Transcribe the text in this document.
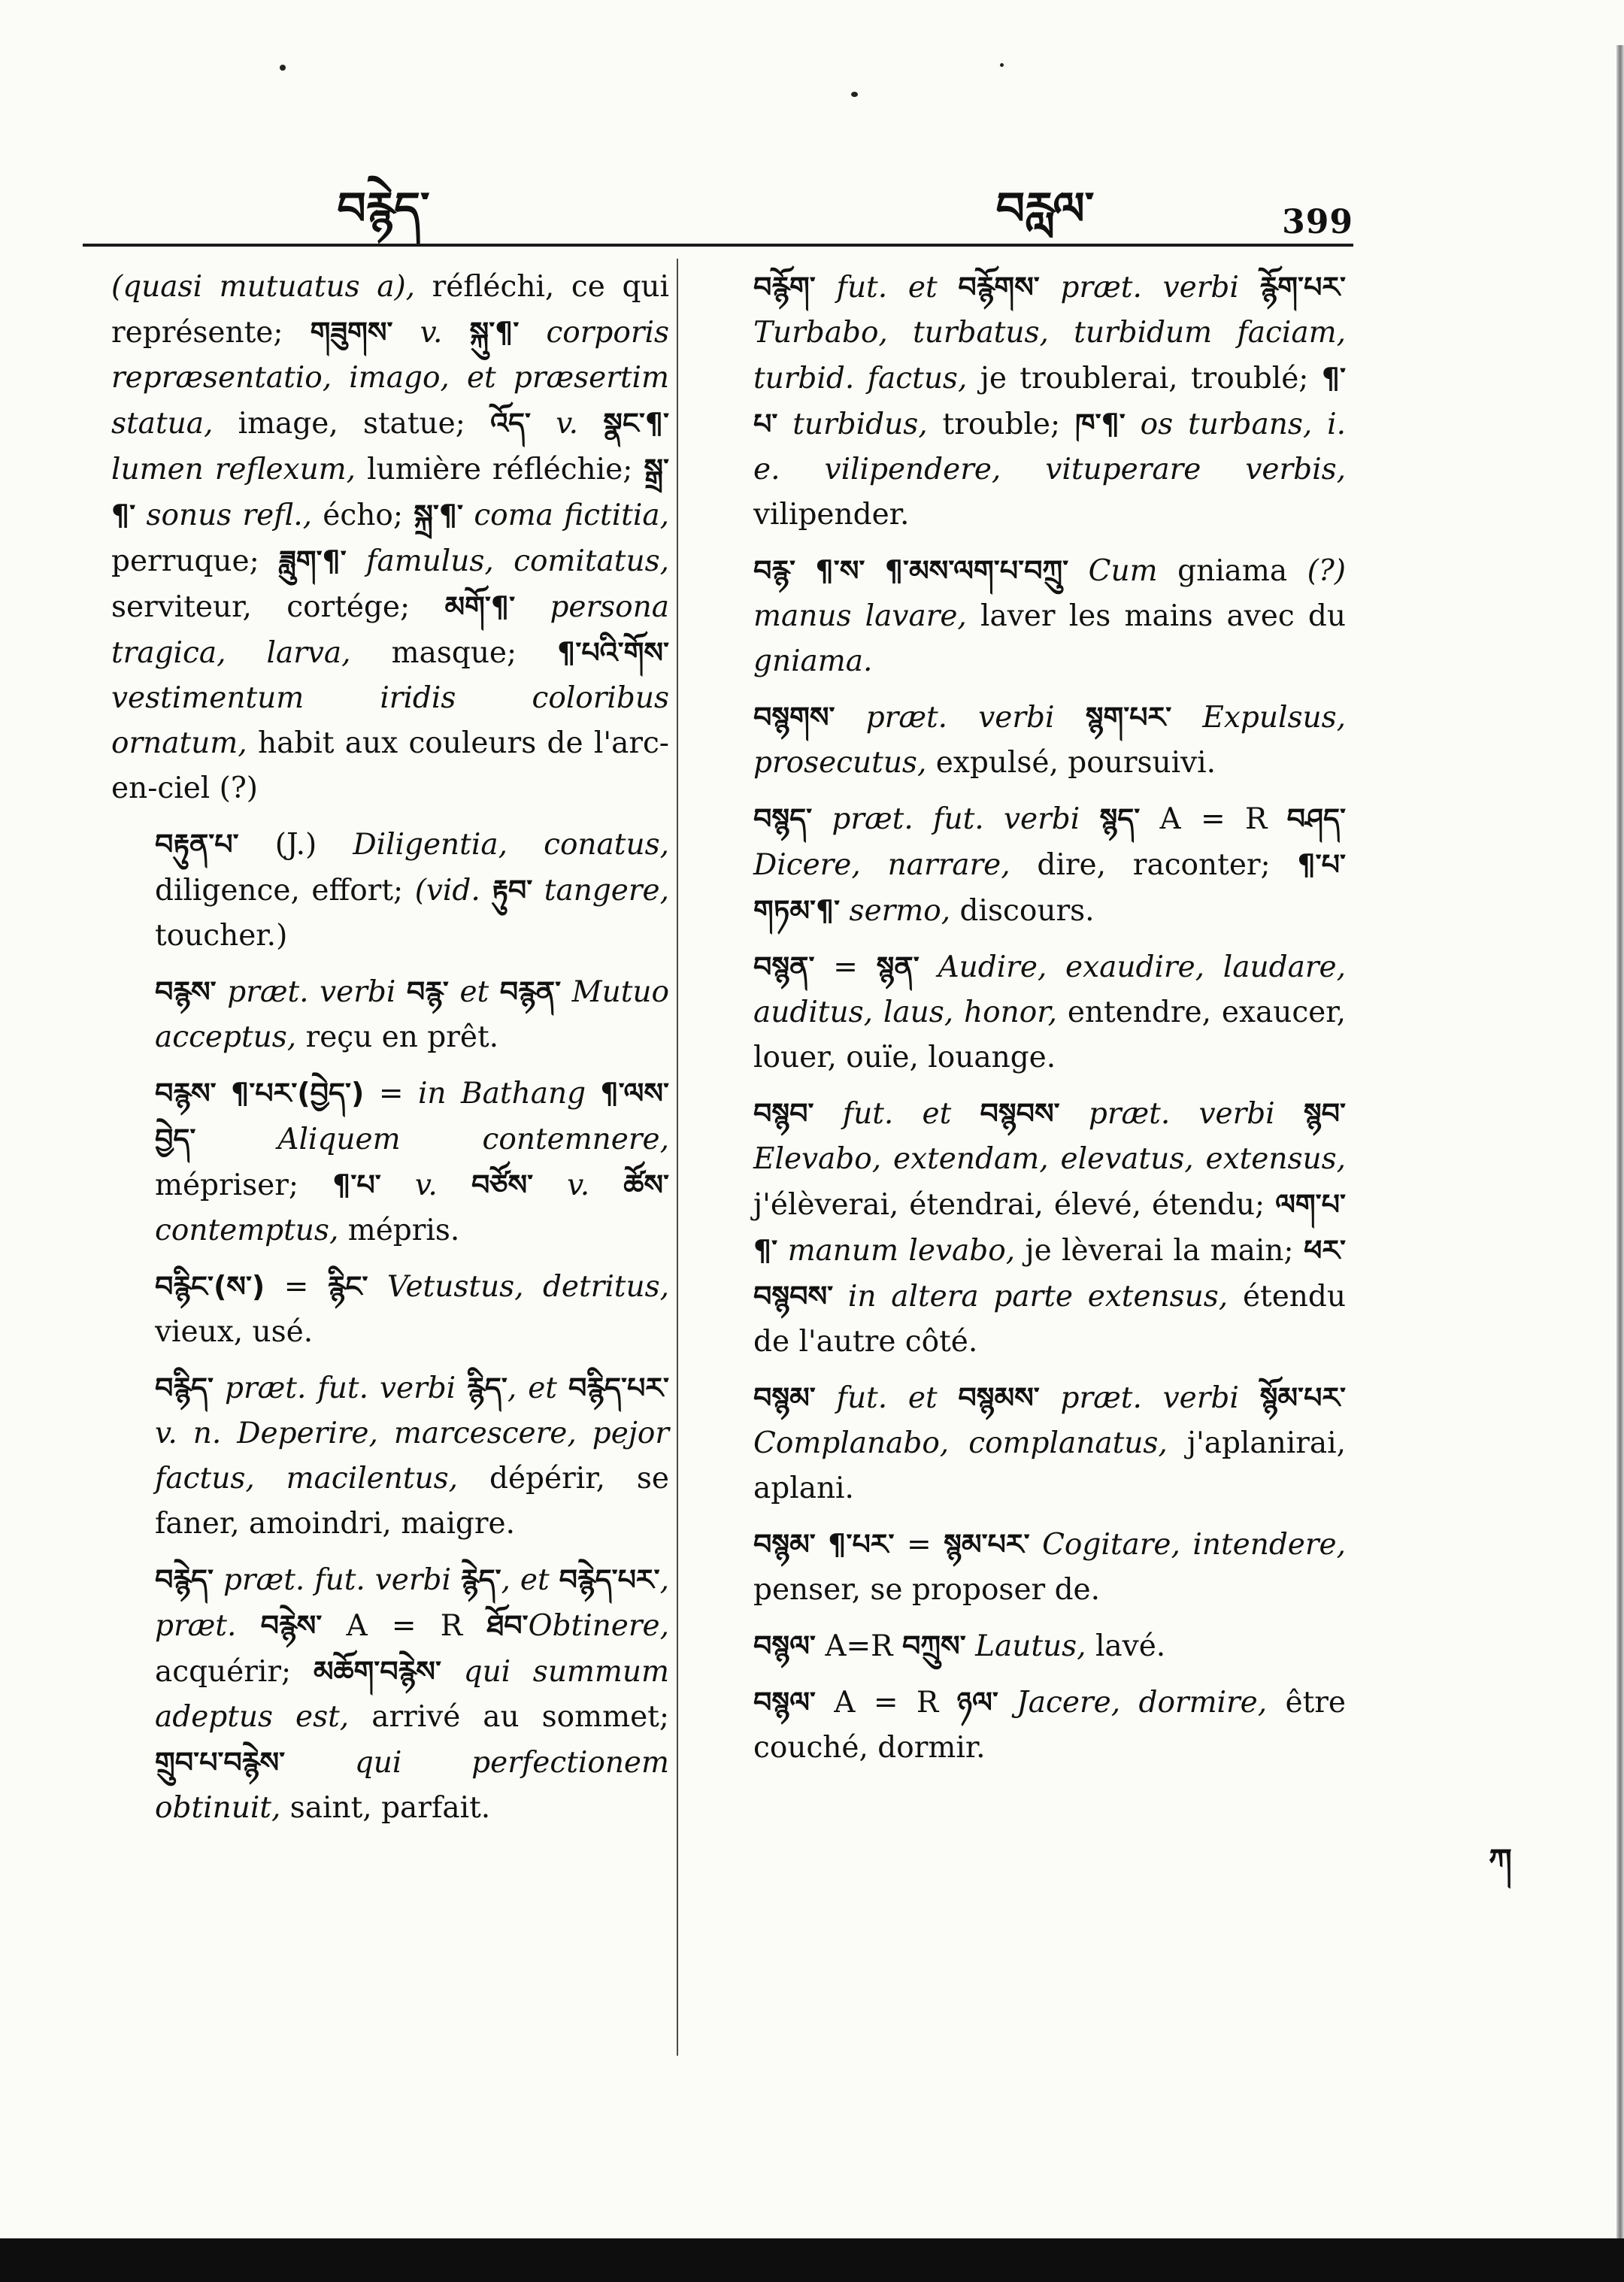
བརྙེད་	བརླལ་	399

(quasi mutuatus a), réfléchi, ce qui représente; གཟུགས་ v. སྐུ་¶་ corporis repræsentatio, imago, et præsertim statua, image, statue; འོད་ v. སྣང་¶་ lumen reflexum, lumière réfléchie; སྒྲ་¶་ sonus refl., écho; སྐྲ་¶་ coma fictitia, perruque; ཟླུག་¶་ famulus, comitatus, serviteur, cortége; མགོ་¶་ persona tragica, larva, masque; ¶་པའི་གོས་ vestimentum iridis coloribus ornatum, habit aux couleurs de l'arc-en-ciel (?)

བརྟུན་པ་ (J.) Diligentia, conatus, diligence, effort; (vid. རྟུབ་ tangere, toucher.)

བརྙས་ præt. verbi བརྙ་ et བརྙན་ Mutuo acceptus, reçu en prêt.

བརྙས་ ¶་པར་(བྱེད་) = in Bathang ¶་ལས་བྱེད་ Aliquem contemnere, mépriser; ¶་པ་ v. བཙོས་ v. ཚོས་ contemptus, mépris.

བརྙིང་(ས་) = རྙིང་ Vetustus, detritus, vieux, usé.

བརྙིད་ præt. fut. verbi རྙིད་, et བརྙིད་པར་ v. n. Deperire, marcescere, pejor factus, macilentus, dépérir, se faner, amoindri, maigre.

བརྙེད་ præt. fut. verbi རྙེད་, et བརྙེད་པར་, præt. བརྙེས་ A = R ཐོབ་Obtinere, acquérir; མཆོག་བརྙེས་ qui summum adeptus est, arrivé au sommet; གྲུབ་པ་བརྙེས་ qui perfectionem obtinuit, saint, parfait.

བརྙོག་ fut. et བརྙོགས་ præt. verbi རྙོག་པར་ Turbabo, turbatus, turbidum faciam, turbid. factus, je troublerai, troublé; ¶་པ་ turbidus, trouble; ཁ་¶་ os turbans, i. e. vilipendere, vituperare verbis, vilipender.

བརྙ་ ¶་ས་ ¶་མས་ལག་པ་བཀྲུ་ Cum gniama (?) manus lavare, laver les mains avec du gniama.

བསྙགས་ præt. verbi སྙག་པར་ Expulsus, prosecutus, expulsé, poursuivi.

བསྙད་ præt. fut. verbi སྙད་ A = R བཤད་ Dicere, narrare, dire, raconter; ¶་པ་ གཏམ་¶་ sermo, discours.

བསྙན་ = སྙན་ Audire, exaudire, laudare, auditus, laus, honor, entendre, exaucer, louer, ouïe, louange.

བསྙབ་ fut. et བསྙབས་ præt. verbi སྙབ་ Elevabo, extendam, elevatus, extensus, j'élèverai, étendrai, élevé, étendu; ལག་པ་¶་ manum levabo, je lèverai la main; ཕར་བསྙབས་ in altera parte extensus, étendu de l'autre côté.

བསྙམ་ fut. et བསྙམས་ præt. verbi སྙོམ་པར་ Complanabo, complanatus, j'aplanirai, aplani.

བསྙམ་ ¶་པར་ = སྙམ་པར་ Cogitare, intendere, penser, se proposer de.

བསྙལ་ A=R བཀྲུས་ Lautus, lavé.

བསྙལ་ A = R ཉལ་ Jacere, dormire, être couché, dormir.

ཀ
